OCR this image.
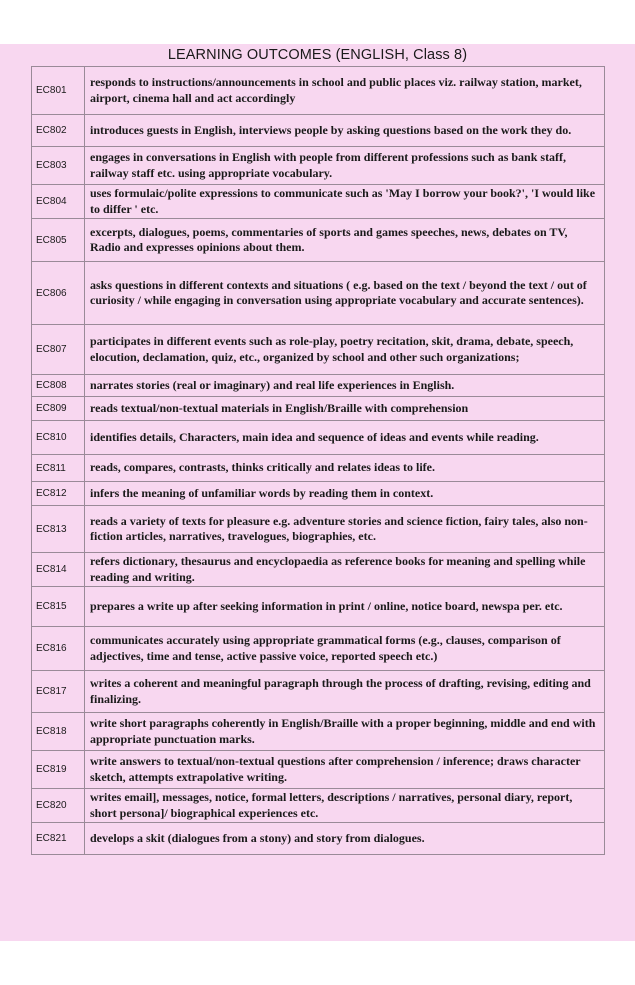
LEARNING OUTCOMES (ENGLISH, Class 8)
EC801	responds to instructions/announcements in school and public places viz. railway station, market, airport, cinema hall and act accordingly
EC802	introduces guests in English, interviews people by asking questions based on the work they do.
EC803	engages in conversations in English with people from different professions such as bank staff, railway staff etc. using appropriate vocabulary.
EC804	uses formulaic/polite expressions to communicate such as 'May I borrow your book?', 'I would like to differ ' etc.
EC805	excerpts, dialogues, poems, commentaries of sports and games speeches, news, debates on TV, Radio and expresses opinions about them.
EC806	asks questions in different contexts and situations ( e.g. based on the text / beyond the text / out of curiosity / while engaging in conversation using appropriate vocabulary and accurate sentences).
EC807	participates in different events such as role-play, poetry recitation, skit, drama, debate, speech, elocution, declamation, quiz, etc., organized by school and other such organizations;
EC808	narrates stories (real or imaginary) and real life experiences in English.
EC809	reads textual/non-textual materials in English/Braille with comprehension
EC810	identifies details, Characters, main idea and sequence of ideas and events while reading.
EC811	reads, compares, contrasts, thinks critically and relates ideas to life.
EC812	infers the meaning of unfamiliar words by reading them in context.
EC813	reads a variety of texts for pleasure e.g. adventure stories and science fiction, fairy tales, also non-fiction articles, narratives, travelogues, biographies, etc.
EC814	refers dictionary, thesaurus and encyclopaedia as reference books for meaning and spelling while reading and writing.
EC815	prepares a write up after seeking information in print / online, notice board, newspa per. etc.
EC816	communicates accurately using appropriate grammatical forms (e.g., clauses, comparison of adjectives, time and tense, active passive voice, reported speech etc.)
EC817	writes a coherent and meaningful paragraph through the process of drafting, revising, editing and finalizing.
EC818	write short paragraphs coherently in English/Braille with a proper beginning, middle and end with appropriate punctuation marks.
EC819	write answers to textual/non-textual questions after comprehension / inference; draws character sketch, attempts extrapolative writing.
EC820	writes email], messages, notice, formal letters, descriptions / narratives, personal diary, report, short persona]/ biographical experiences etc.
EC821	develops a skit (dialogues from a stony) and story from dialogues.
